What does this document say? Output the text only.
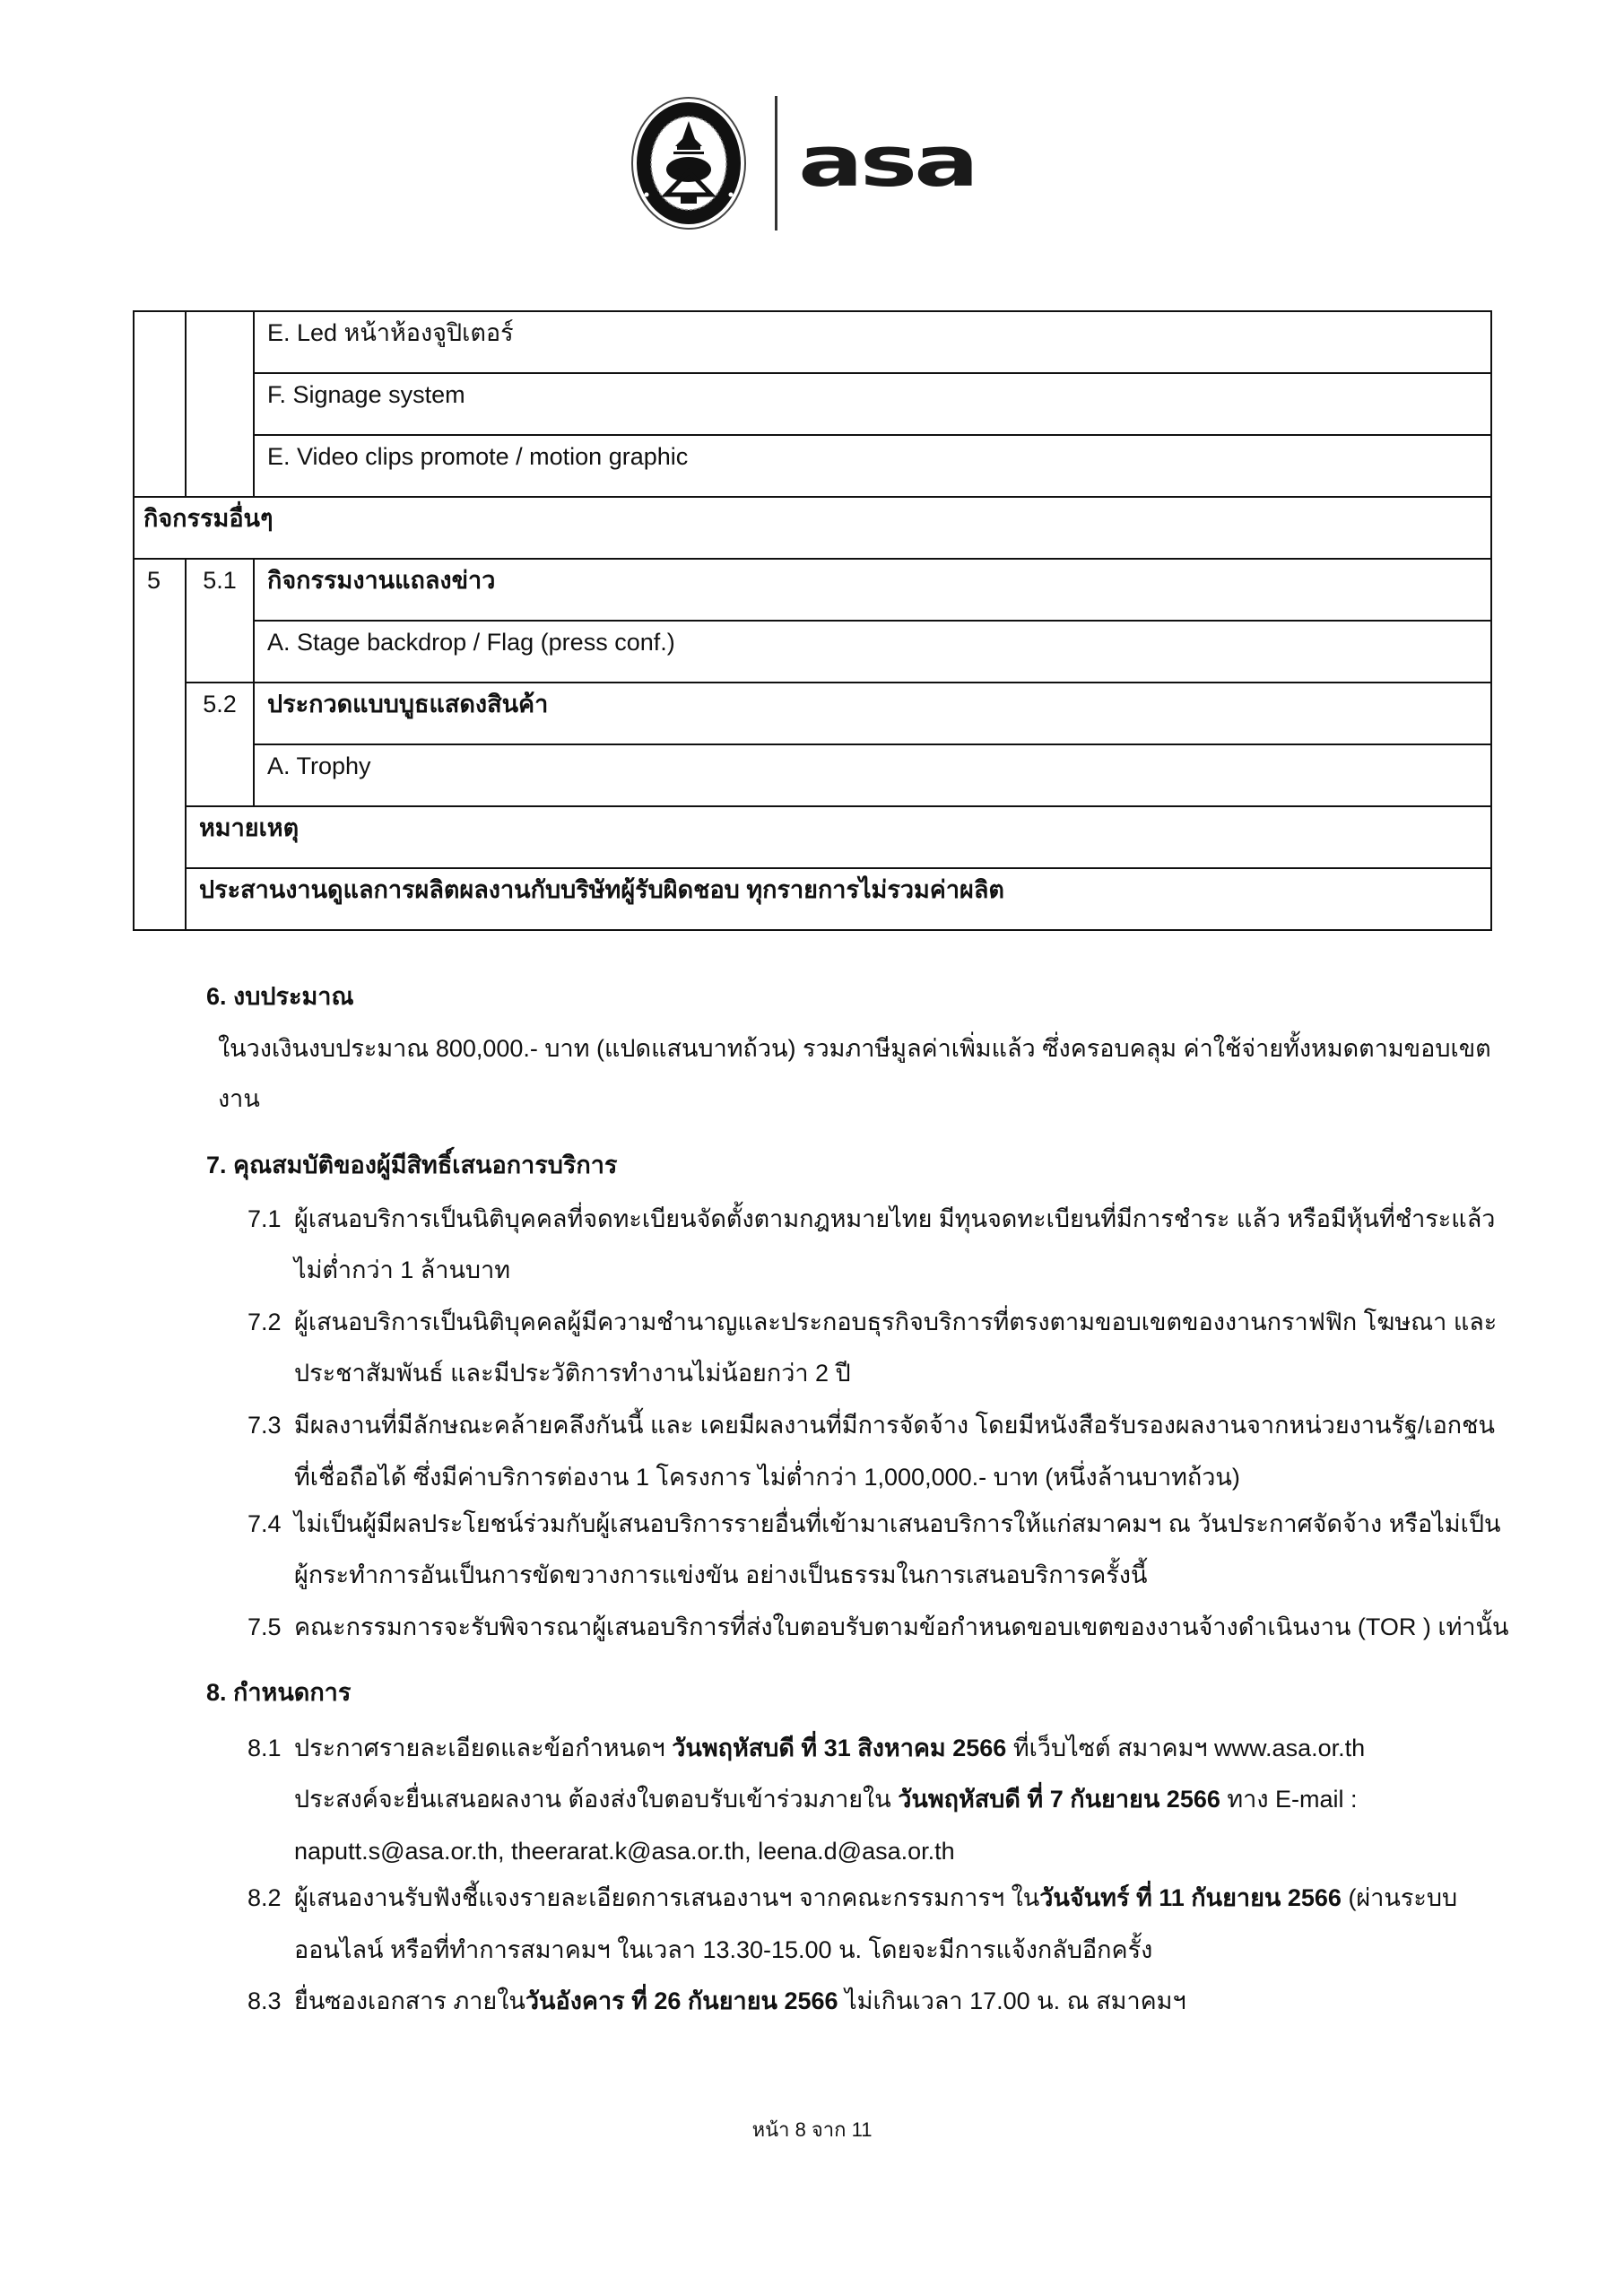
asa
		E. Led หน้าห้องจูปิเตอร์
		F. Signage system
		E. Video clips promote / motion graphic
กิจกรรมอื่นๆ		
5	5.1	กิจกรรมงานแถลงข่าว
		A. Stage backdrop / Flag (press conf.)
	5.2	ประกวดแบบบูธแสดงสินค้า
		A. Trophy
	หมายเหตุ	
	ประสานงานดูแลการผลิตผลงานกับบริษัทผู้รับผิดชอบ ทุกรายการไม่รวมค่าผลิต	
6. งบประมาณ
ในวงเงินงบประมาณ 800,000.- บาท (แปดแสนบาทถ้วน) รวมภาษีมูลค่าเพิ่มแล้ว ซึ่งครอบคลุม ค่าใช้จ่ายทั้งหมดตามขอบเขต
งาน
7. คุณสมบัติของผู้มีสิทธิ์เสนอการบริการ
7.1 ผู้เสนอบริการเป็นนิติบุคคลที่จดทะเบียนจัดตั้งตามกฎหมายไทย มีทุนจดทะเบียนที่มีการชำระ แล้ว หรือมีหุ้นที่ชำระแล้ว
ไม่ต่ำกว่า 1 ล้านบาท
7.2 ผู้เสนอบริการเป็นนิติบุคคลผู้มีความชำนาญและประกอบธุรกิจบริการที่ตรงตามขอบเขตของงานกราฟฟิก โฆษณา และ
ประชาสัมพันธ์ และมีประวัติการทำงานไม่น้อยกว่า 2 ปี
7.3 มีผลงานที่มีลักษณะคล้ายคลึงกันนี้ และ เคยมีผลงานที่มีการจัดจ้าง โดยมีหนังสือรับรองผลงานจากหน่วยงานรัฐ/เอกชน
ที่เชื่อถือได้ ซึ่งมีค่าบริการต่องาน 1 โครงการ ไม่ต่ำกว่า 1,000,000.- บาท (หนึ่งล้านบาทถ้วน)
7.4 ไม่เป็นผู้มีผลประโยชน์ร่วมกับผู้เสนอบริการรายอื่นที่เข้ามาเสนอบริการให้แก่สมาคมฯ ณ วันประกาศจัดจ้าง หรือไม่เป็น
ผู้กระทำการอันเป็นการขัดขวางการแข่งขัน อย่างเป็นธรรมในการเสนอบริการครั้งนี้
7.5 คณะกรรมการจะรับพิจารณาผู้เสนอบริการที่ส่งใบตอบรับตามข้อกำหนดขอบเขตของงานจ้างดำเนินงาน (TOR ) เท่านั้น
8. กำหนดการ
8.1 ประกาศรายละเอียดและข้อกำหนดฯ วันพฤหัสบดี ที่ 31 สิงหาคม 2566 ที่เว็บไซต์ สมาคมฯ www.asa.or.th
ประสงค์จะยื่นเสนอผลงาน ต้องส่งใบตอบรับเข้าร่วมภายใน วันพฤหัสบดี ที่ 7 กันยายน 2566 ทาง E-mail :
naputt.s@asa.or.th, theerarat.k@asa.or.th, leena.d@asa.or.th
8.2 ผู้เสนองานรับฟังชี้แจงรายละเอียดการเสนองานฯ จากคณะกรรมการฯ ในวันจันทร์ ที่ 11 กันยายน 2566 (ผ่านระบบ
ออนไลน์ หรือที่ทำการสมาคมฯ ในเวลา 13.30-15.00 น. โดยจะมีการแจ้งกลับอีกครั้ง
8.3 ยื่นซองเอกสาร ภายในวันอังคาร ที่ 26 กันยายน 2566 ไม่เกินเวลา 17.00 น. ณ สมาคมฯ
หน้า 8 จาก 11
